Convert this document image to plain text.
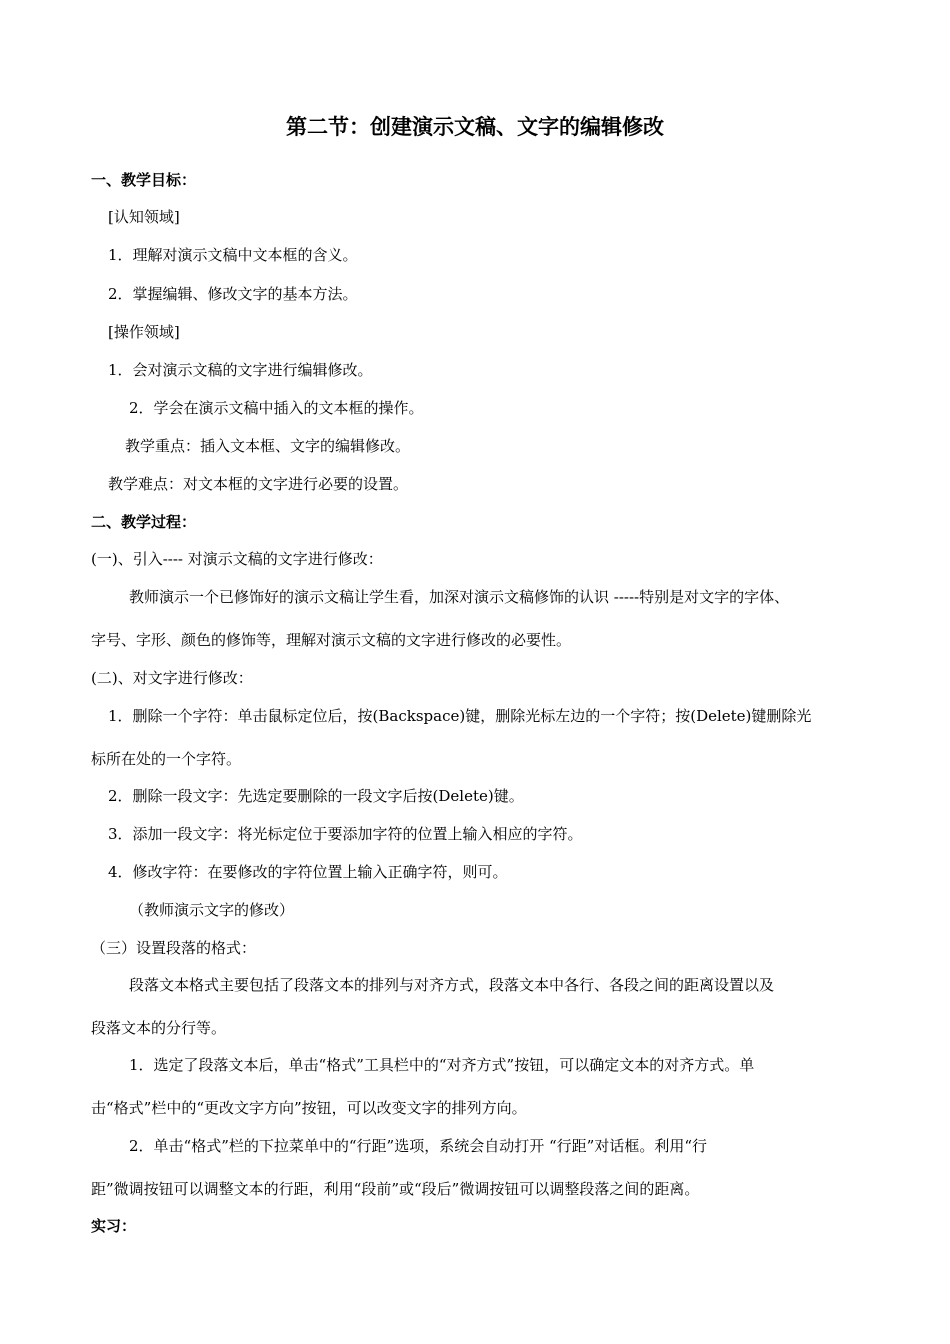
第二节：创建演示文稿、文字的编辑修改
一、教学目标：
[认知领域]
1．理解对演示文稿中文本框的含义。
2．掌握编辑、修改文字的基本方法。
[操作领域]
1．会对演示文稿的文字进行编辑修改。
2．学会在演示文稿中插入的文本框的操作。
教学重点：插入文本框、文字的编辑修改。
教学难点：对文本框的文字进行必要的设置。
二、教学过程：
(一)、引入---- 对演示文稿的文字进行修改：
教师演示一个已修饰好的演示文稿让学生看，加深对演示文稿修饰的认识 -----特别是对文字的字体、
字号、字形、颜色的修饰等，理解对演示文稿的文字进行修改的必要性。
(二)、对文字进行修改：
1．删除一个字符：单击鼠标定位后，按(Backspace)键，删除光标左边的一个字符；按(Delete)键删除光
标所在处的一个字符。
2．删除一段文字：先选定要删除的一段文字后按(Delete)键。
3．添加一段文字：将光标定位于要添加字符的位置上输入相应的字符。
4．修改字符：在要修改的字符位置上输入正确字符，则可。
（教师演示文字的修改）
（三）设置段落的格式：
段落文本格式主要包括了段落文本的排列与对齐方式，段落文本中各行、各段之间的距离设置以及
段落文本的分行等。
1．选定了段落文本后，单击“格式”工具栏中的“对齐方式”按钮，可以确定文本的对齐方式。单
击“格式”栏中的“更改文字方向”按钮，可以改变文字的排列方向。
2．单击“格式”栏的下拉菜单中的“行距”选项，系统会自动打开 “行距”对话框。利用“行
距”微调按钮可以调整文本的行距，利用“段前”或“段后”微调按钮可以调整段落之间的距离。
实习：
